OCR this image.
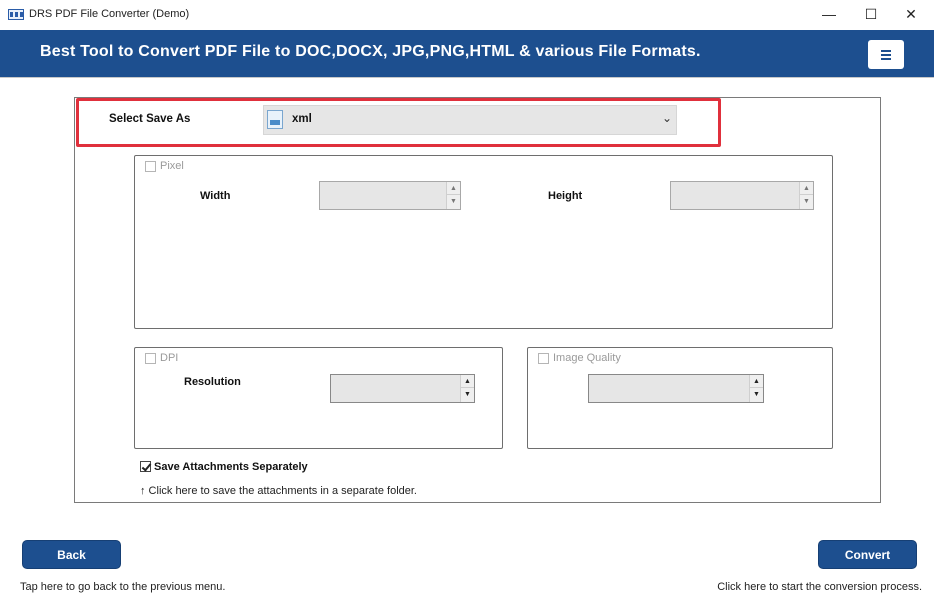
DRS PDF File Converter (Demo)	—	☐	✕
Best Tool to Convert PDF File to DOC,DOCX, JPG,PNG,HTML & various File Formats.
Select Save As	xml	⌄
Pixel
Width
▲
▼	Height
▲
▼
DPI
Resolution	▲
▼
Image Quality
▲
▼
Save Attachments Separately
↑ Click here to save the attachments in a separate folder.
Back
Tap here to go back to the previous menu.
Convert
Click here to start the conversion process.
